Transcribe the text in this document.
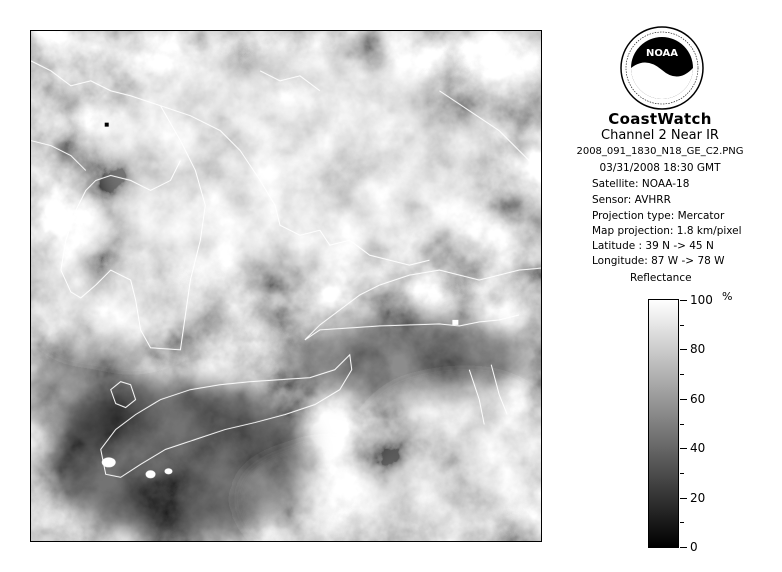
NOAA
CoastWatch
Channel 2 Near IR
2008_091_1830_N18_GE_C2.PNG
03/31/2008 18:30 GMT
Satellite: NOAA-18
Sensor: AVHRR
Projection type: Mercator
Map projection: 1.8 km/pixel
Latitude : 39 N -> 45 N
Longitude: 87 W -> 78 W
Reflectance
%
0
20
40
60
80
100
